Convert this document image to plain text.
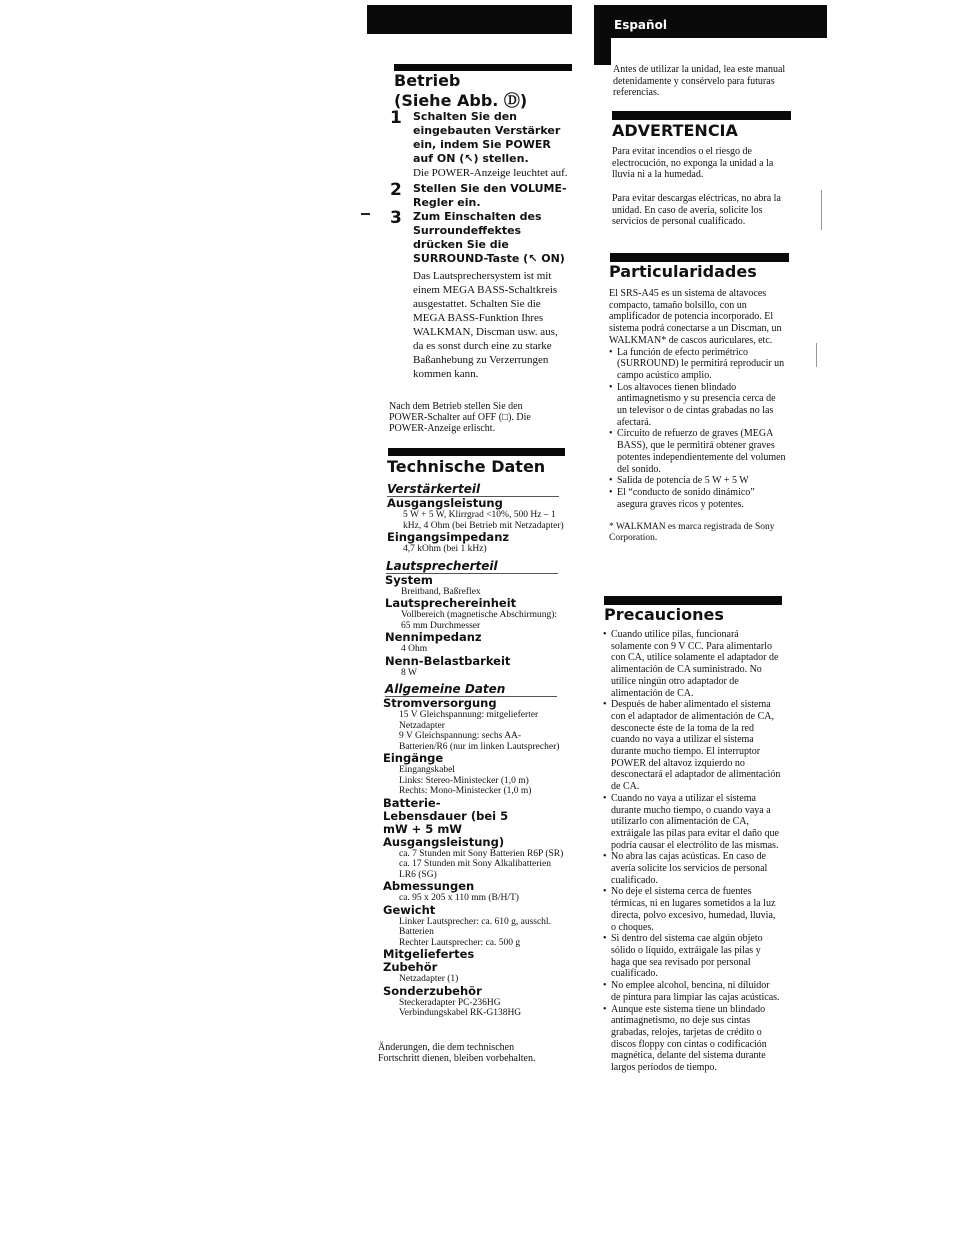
Betrieb
(Siehe Abb. Ⓓ)
1 Schalten Sie den eingebauten Verstärker ein, indem Sie POWER auf ON (↖) stellen.
Die POWER-Anzeige leuchtet auf.
2 Stellen Sie den VOLUME-Regler ein.
3 Zum Einschalten des Surroundeffektes drücken Sie die SURROUND-Taste (↖ ON)
Das Lautsprechersystem ist mit einem MEGA BASS-Schaltkreis ausgestattet. Schalten Sie die MEGA BASS-Funktion Ihres WALKMAN, Discman usw. aus, da es sonst durch eine zu starke Baßanhebung zu Verzerrungen kommen kann.
Nach dem Betrieb stellen Sie den POWER-Schalter auf OFF (□). Die POWER-Anzeige erlischt.
Technische Daten
Verstärkerteil
Ausgangsleistung
5 W + 5 W, Klirrgrad <10%, 500 Hz – 1 kHz, 4 Ohm (bei Betrieb mit Netzadapter)
Eingangsimpedanz
4,7 kOhm (bei 1 kHz)
Lautsprecherteil
System
Breitband, Baßreflex
Lautsprechereinheit
Vollbereich (magnetische Abschirmung): 65 mm Durchmesser
Nennimpedanz
4 Ohm
Nenn-Belastbarkeit
8 W
Allgemeine Daten
Stromversorgung
15 V Gleichspannung: mitgelieferter Netzadapter
9 V Gleichspannung: sechs AA-Batterien/R6 (nur im linken Lautsprecher)
Eingänge
Eingangskabel
Links: Stereo-Ministecker (1,0 m)
Rechts: Mono-Ministecker (1,0 m)
Batterie-Lebensdauer (bei 5 mW + 5 mW Ausgangsleistung)
ca. 7 Stunden mit Sony Batterien R6P (SR)
ca. 17 Stunden mit Sony Alkalibatterien LR6 (SG)
Abmessungen
ca. 95 x 205 x 110 mm (B/H/T)
Gewicht
Linker Lautsprecher: ca. 610 g, ausschl. Batterien
Rechter Lautsprecher: ca. 500 g
Mitgeliefertes Zubehör
Netzadapter (1)
Sonderzubehör
Steckeradapter PC-236HG
Verbindungskabel RK-G138HG
Änderungen, die dem technischen Fortschritt dienen, bleiben vorbehalten.
Español
Antes de utilizar la unidad, lea este manual detenidamente y consérvelo para futuras referencias.
ADVERTENCIA
Para evitar incendios o el riesgo de electrocución, no exponga la unidad a la lluvia ni a la humedad.
Para evitar descargas eléctricas, no abra la unidad. En caso de avería, solicite los servicios de personal cualificado.
Particularidades
El SRS-A45 es un sistema de altavoces compacto, tamaño bolsillo, con un amplificador de potencia incorporado. El sistema podrá conectarse a un Discman, un WALKMAN* de cascos auriculares, etc.
• La función de efecto perimétrico (SURROUND) le permitirá reproducir un campo acústico amplio.
• Los altavoces tienen blindado antimagnetismo y su presencia cerca de un televisor o de cintas grabadas no las afectará.
• Circuito de refuerzo de graves (MEGA BASS), que le permitirá obtener graves potentes independientemente del volumen del sonido.
• Salida de potencia de 5 W + 5 W
• El “conducto de sonido dinámico” asegura graves ricos y potentes.
* WALKMAN es marca registrada de Sony Corporation.
Precauciones
• Cuando utilice pilas, funcionará solamente con 9 V CC. Para alimentarlo con CA, utilice solamente el adaptador de alimentación de CA suministrado. No utilice ningún otro adaptador de alimentación de CA.
• Después de haber alimentado el sistema con el adaptador de alimentación de CA, desconecte éste de la toma de la red cuando no vaya a utilizar el sistema durante mucho tiempo. El interruptor POWER del altavoz izquierdo no desconectará el adaptador de alimentación de CA.
• Cuando no vaya a utilizar el sistema durante mucho tiempo, o cuando vaya a utilizarlo con alimentación de CA, extráigale las pilas para evitar el daño que podría causar el electrólito de las mismas.
• No abra las cajas acústicas. En caso de avería solicite los servicios de personal cualificado.
• No deje el sistema cerca de fuentes térmicas, ni en lugares sometidos a la luz directa, polvo excesivo, humedad, lluvia, o choques.
• Si dentro del sistema cae algún objeto sólido o líquido, extráigale las pilas y haga que sea revisado por personal cualificado.
• No emplee alcohol, bencina, ni diluidor de pintura para limpiar las cajas acústicas.
• Aunque este sistema tiene un blindado antimagnetismo, no deje sus cintas grabadas, relojes, tarjetas de crédito o discos floppy con cintas o codificación magnética, delante del sistema durante largos períodos de tiempo.
